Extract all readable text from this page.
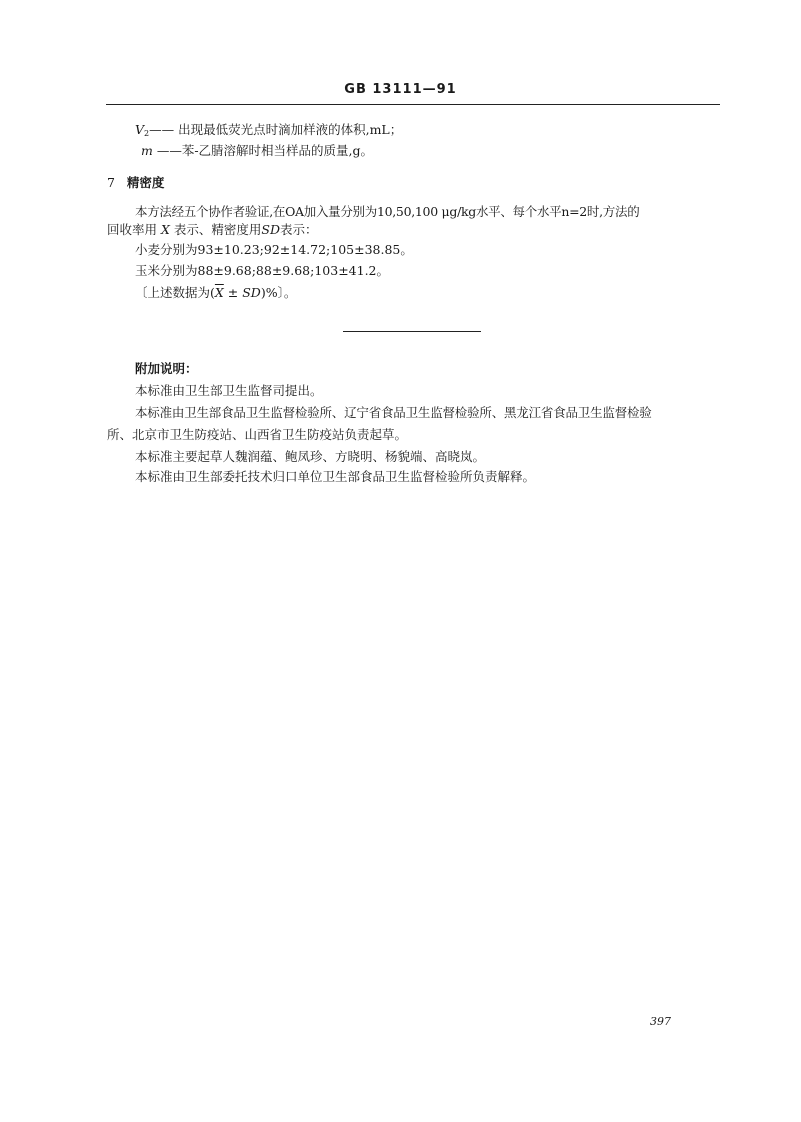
GB 13111—91
$V_2——$ 出现最低荧光点时滴加样液的体积,mL；
m ——苯-乙腈溶解时相当样品的质量,g。
7 精密度
本方法经五个协作者验证,在OA加入量分别为10,50,100 μg/kg水平、每个水平n=2时,方法的
回收率用 X 表示、精密度用SD表示：
小麦分别为93±10.23;92±14.72;105±38.85。
玉米分别为88±9.68;88±9.68;103±41.2。
〔上述数据为$(\overline{X} \pm SD)\%$〕。
附加说明：
本标准由卫生部卫生监督司提出。
本标准由卫生部食品卫生监督检验所、辽宁省食品卫生监督检验所、黑龙江省食品卫生监督检验
所、北京市卫生防疫站、山西省卫生防疫站负责起草。
本标准主要起草人魏润蕴、鲍凤珍、方晓明、杨貌端、高晓岚。
本标准由卫生部委托技术归口单位卫生部食品卫生监督检验所负责解释。
397
